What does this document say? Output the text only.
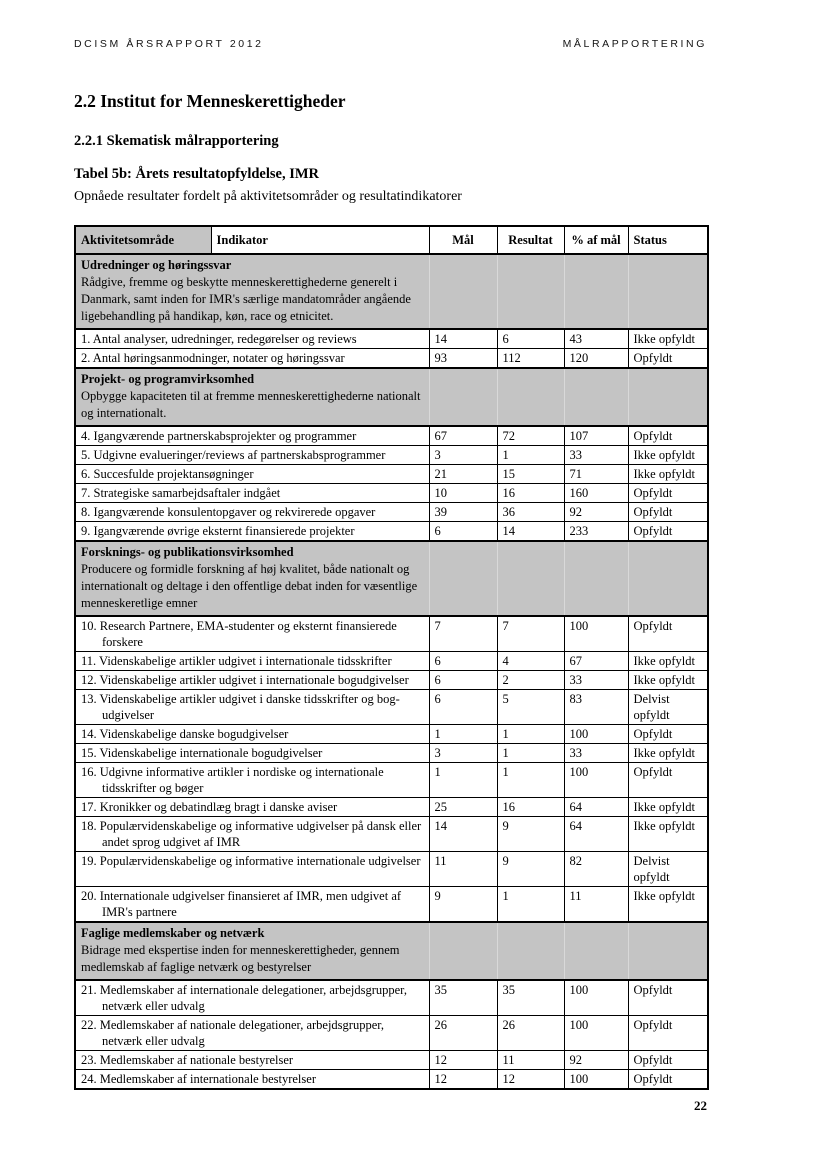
DCISM ÅRSRAPPORT 2012	MÅLRAPPORTERING
2.2 Institut for Menneskerettigheder
2.2.1 Skematisk målrapportering
Tabel 5b: Årets resultatopfyldelse, IMR
Opnåede resultater fordelt på aktivitetsområder og resultatindikatorer
Aktivitetsområde	Indikator	Mål	Resultat	% af mål	Status

Udredninger og høringssvar
Rådgive, fremme og beskytte menneskerettighederne generelt i Danmark, samt inden for IMR's særlige mandatområder angående ligebehandling på handikap, køn, race og etnicitet.					

1. Antal analyser, udredninger, redegørelser og reviews		14	6	43	Ikke opfyldt

2. Antal høringsanmodninger, notater og høringssvar		93	112	120	Opfyldt

Projekt- og programvirksomhed
Opbygge kapaciteten til at fremme menneskerettighederne nationalt og internationalt.					

4. Igangværende partnerskabsprojekter og programmer		67	72	107	Opfyldt

5. Udgivne evalueringer/reviews af partnerskabsprogrammer		3	1	33	Ikke opfyldt

6. Succesfulde projektansøgninger		21	15	71	Ikke opfyldt

7. Strategiske samarbejdsaftaler indgået		10	16	160	Opfyldt

8. Igangværende konsulentopgaver og rekvirerede opgaver		39	36	92	Opfyldt

9. Igangværende øvrige eksternt finansierede projekter		6	14	233	Opfyldt

Forsknings- og publikationsvirksomhed
Producere og formidle forskning af høj kvalitet, både nationalt og internationalt og deltage i den offentlige debat inden for væsentlige menneskeretlige emner					

10. Research Partnere, EMA-studenter og eksternt finansierede forskere		7	7	100	Opfyldt

11. Videnskabelige artikler udgivet i internationale tidsskrifter		6	4	67	Ikke opfyldt

12. Videnskabelige artikler udgivet i internationale bogudgivelser		6	2	33	Ikke opfyldt

13. Videnskabelige artikler udgivet i danske tidsskrifter og bog-udgivelser		6	5	83	Delvist opfyldt

14. Videnskabelige danske bogudgivelser		1	1	100	Opfyldt

15. Videnskabelige internationale bogudgivelser		3	1	33	Ikke opfyldt

16. Udgivne informative artikler i nordiske og internationale tidsskrifter og bøger		1	1	100	Opfyldt

17. Kronikker og debatindlæg bragt i danske aviser		25	16	64	Ikke opfyldt

18. Populærvidenskabelige og informative udgivelser på dansk eller andet sprog udgivet af IMR		14	9	64	Ikke opfyldt

19. Populærvidenskabelige og informative internationale udgivelser		11	9	82	Delvist opfyldt

20. Internationale udgivelser finansieret af IMR, men udgivet af IMR's partnere		9	1	11	Ikke opfyldt

Faglige medlemskaber og netværk
Bidrage med ekspertise inden for menneskerettigheder, gennem medlemskab af faglige netværk og bestyrelser					

21. Medlemskaber af internationale delegationer, arbejdsgrupper, netværk eller udvalg		35	35	100	Opfyldt

22. Medlemskaber af nationale delegationer, arbejdsgrupper, netværk eller udvalg		26	26	100	Opfyldt

23. Medlemskaber af nationale bestyrelser		12	11	92	Opfyldt

24. Medlemskaber af internationale bestyrelser		12	12	100	Opfyldt
22
